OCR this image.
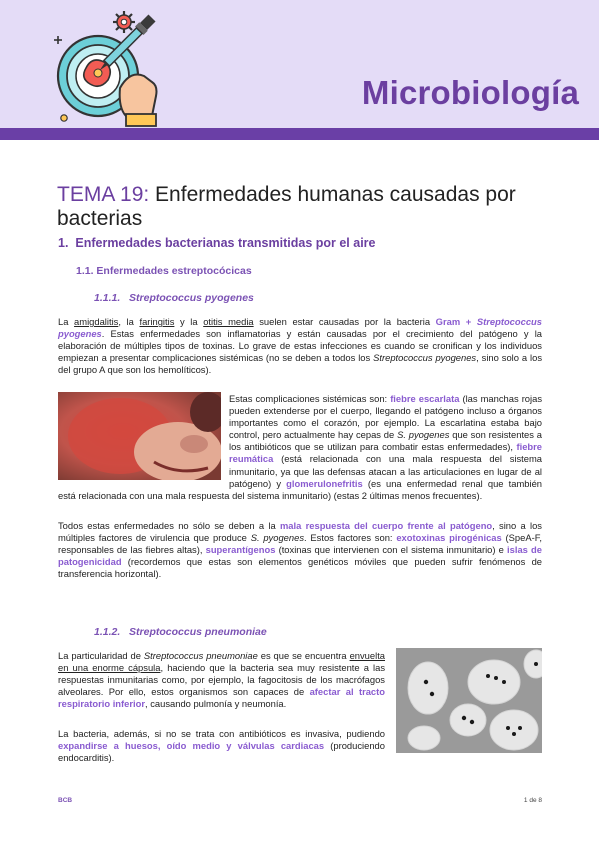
Microbiología
TEMA 19: Enfermedades humanas causadas por bacterias
1.  Enfermedades bacterianas transmitidas por el aire
1.1. Enfermedades estreptocócicas
1.1.1.   Streptococcus pyogenes
La amigdalitis, la faringitis y la otitis media suelen estar causadas por la bacteria Gram + Streptococcus pyogenes. Estas enfermedades son inflamatorias y están causadas por el crecimiento del patógeno y la elaboración de múltiples tipos de toxinas. Lo grave de estas infecciones es cuando se cronifican y los individuos empiezan a presentar complicaciones sistémicas (no se deben a todos los Streptococcus pyogenes, sino solo a los del grupo A que son los hemolíticos).
Estas complicaciones sistémicas son: fiebre escarlata (las manchas rojas pueden extenderse por el cuerpo, llegando el patógeno incluso a órganos importantes como el corazón, por ejemplo. La escarlatina estaba bajo control, pero actualmente hay cepas de S. pyogenes que son resistentes a los antibióticos que se utilizan para combatir estas enfermedades), fiebre reumática (está relacionada con una mala respuesta del sistema inmunitario, ya que las defensas atacan a las articulaciones en lugar de al patógeno) y glomerulonefritis (es una enfermedad renal que también está relacionada con una mala respuesta del sistema inmunitario) (estas 2 últimas menos frecuentes).
Todos estas enfermedades no sólo se deben a la mala respuesta del cuerpo frente al patógeno, sino a los múltiples factores de virulencia que produce S. pyogenes. Estos factores son: exotoxinas pirogénicas (SpeA-F, responsables de las fiebres altas), superantígenos (toxinas que intervienen con el sistema inmunitario) e islas de patogenicidad (recordemos que estas son elementos genéticos móviles que pueden sufrir fenómenos de transferencia horizontal).
1.1.2.   Streptococcus pneumoniae
La particularidad de Streptococcus pneumoniae es que se encuentra envuelta en una enorme cápsula, haciendo que la bacteria sea muy resistente a las respuestas inmunitarias como, por ejemplo, la fagocitosis de los macrófagos alveolares. Por ello, estos organismos son capaces de afectar al tracto respiratorio inferior, causando pulmonía y neumonía.
La bacteria, además, si no se trata con antibióticos es invasiva, pudiendo expandirse a huesos, oído medio y válvulas cardiacas (produciendo endocarditis).
BCB	1 de 8
